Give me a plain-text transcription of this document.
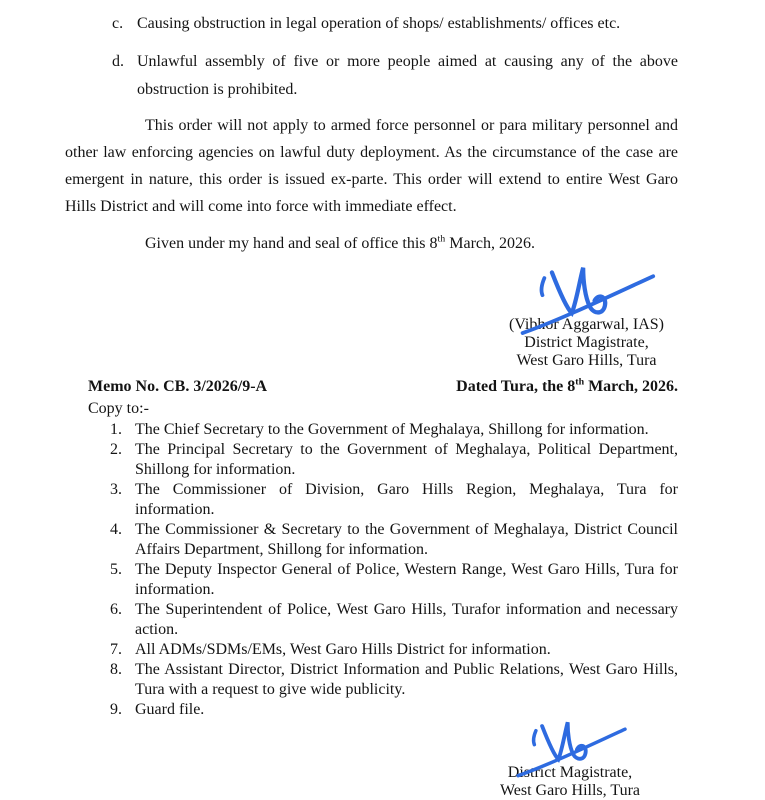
c. Causing obstruction in legal operation of shops/ establishments/ offices etc.
d. Unlawful assembly of five or more people aimed at causing any of the above obstruction is prohibited.

This order will not apply to armed force personnel or para military personnel and other law enforcing agencies on lawful duty deployment. As the circumstance of the case are emergent in nature, this order is issued ex-parte. This order will extend to entire West Garo Hills District and will come into force with immediate effect.

Given under my hand and seal of office this 8th March, 2026.

(Vibhor Aggarwal, IAS)
District Magistrate,
West Garo Hills, Tura
Memo No. CB. 3/2026/9-A	Dated Tura, the 8th March, 2026.
Copy to:-
1. The Chief Secretary to the Government of Meghalaya, Shillong for information.
2. The Principal Secretary to the Government of Meghalaya, Political Department, Shillong for information.
3. The Commissioner of Division, Garo Hills Region, Meghalaya, Tura for information.
4. The Commissioner & Secretary to the Government of Meghalaya, District Council Affairs Department, Shillong for information.
5. The Deputy Inspector General of Police, Western Range, West Garo Hills, Tura for information.
6. The Superintendent of Police, West Garo Hills, Turafor information and necessary action.
7. All ADMs/SDMs/EMs, West Garo Hills District for information.
8. The Assistant Director, District Information and Public Relations, West Garo Hills, Tura with a request to give wide publicity.
9. Guard file.
District Magistrate,
West Garo Hills, Tura
